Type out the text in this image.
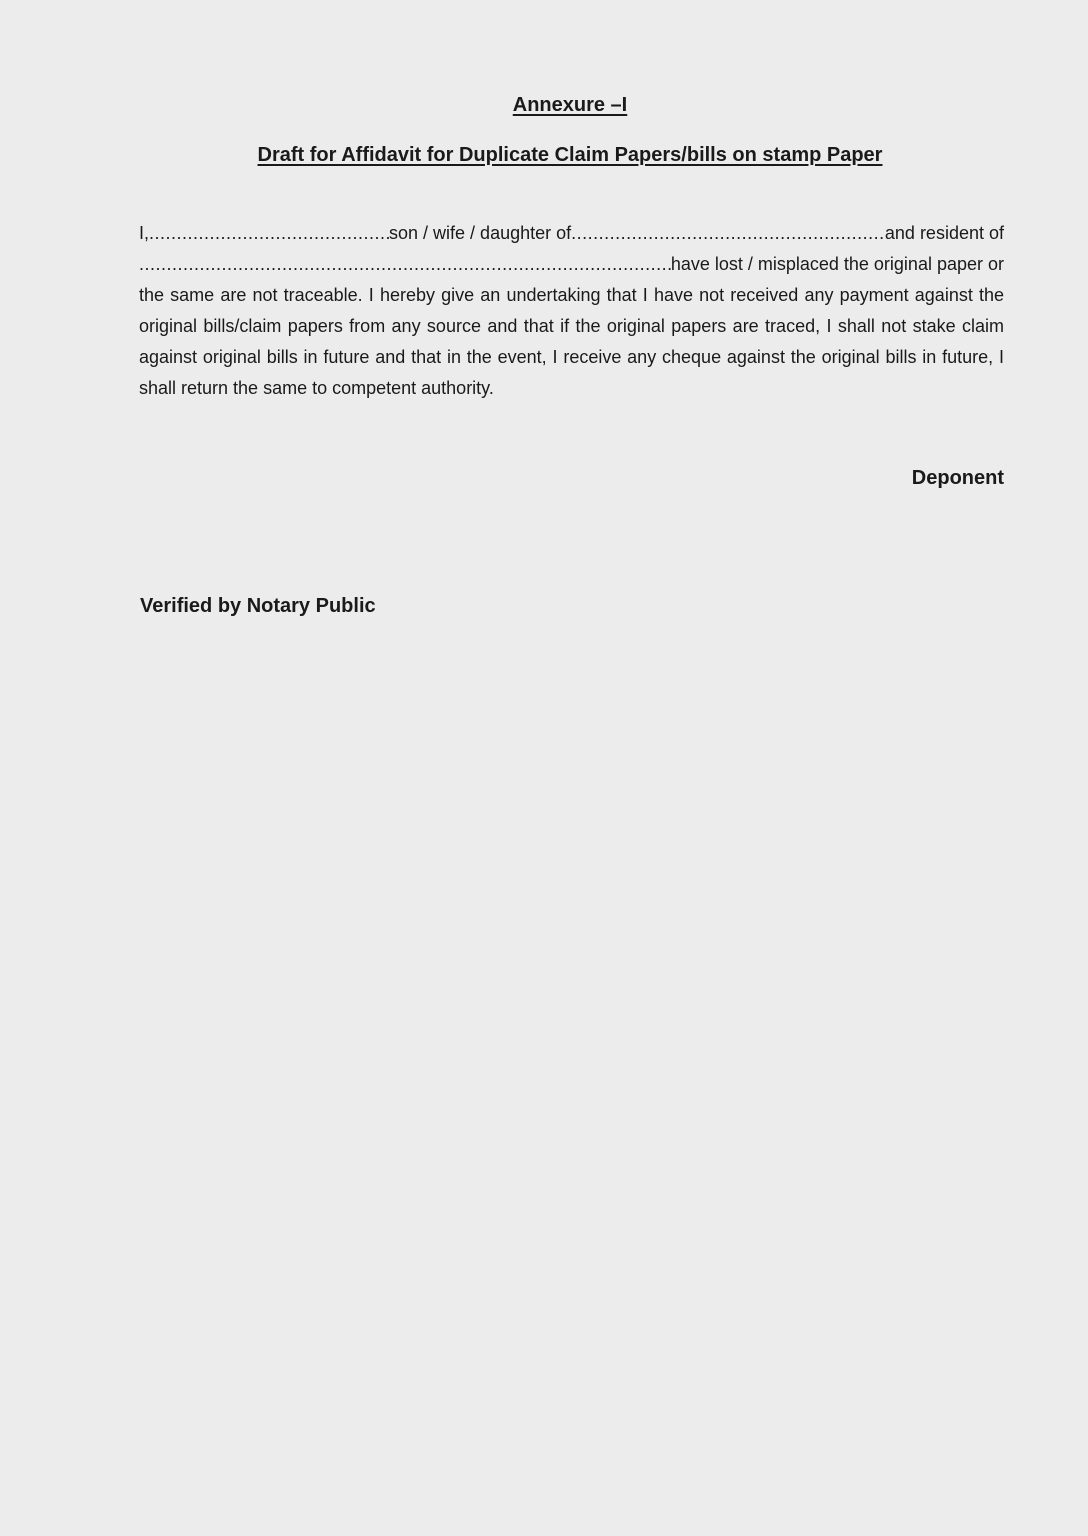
Annexure –I
Draft for Affidavit for Duplicate Claim Papers/bills on stamp Paper
I, .....	son / wife / daughter of .....	and resident of
.....
have lost / misplaced the original paper or
the same are not traceable. I hereby give an undertaking that I have not received any payment against the original bills/claim papers from any source and that if the original papers are traced, I shall not stake claim against original bills in future and that in the event, I receive any cheque against the original bills in future, I shall return the same to competent authority.

Deponent

Verified by Notary Public
